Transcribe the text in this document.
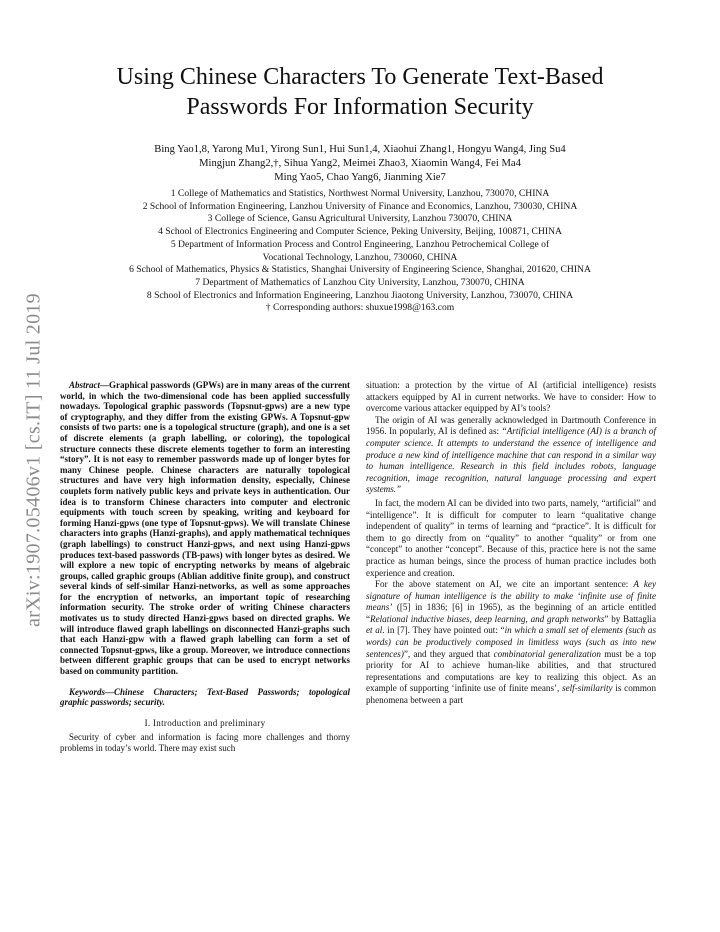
arXiv:1907.05406v1 [cs.IT] 11 Jul 2019
Using Chinese Characters To Generate Text-Based
Passwords For Information Security
Bing Yao1,8, Yarong Mu1, Yirong Sun1, Hui Sun1,4, Xiaohui Zhang1, Hongyu Wang4, Jing Su4
Mingjun Zhang2,†, Sihua Yang2, Meimei Zhao3, Xiaomin Wang4, Fei Ma4
Ming Yao5, Chao Yang6, Jianming Xie7
1 College of Mathematics and Statistics, Northwest Normal University, Lanzhou, 730070, CHINA
2 School of Information Engineering, Lanzhou University of Finance and Economics, Lanzhou, 730030, CHINA
3 College of Science, Gansu Agricultural University, Lanzhou 730070, CHINA
4 School of Electronics Engineering and Computer Science, Peking University, Beijing, 100871, CHINA
5 Department of Information Process and Control Engineering, Lanzhou Petrochemical College of
Vocational Technology, Lanzhou, 730060, CHINA
6 School of Mathematics, Physics & Statistics, Shanghai University of Engineering Science, Shanghai, 201620, CHINA
7 Department of Mathematics of Lanzhou City University, Lanzhou, 730070, CHINA
8 School of Electronics and Information Engineering, Lanzhou Jiaotong University, Lanzhou, 730070, CHINA
† Corresponding authors: shuxue1998@163.com

Abstract—Graphical passwords (GPWs) are in many areas of the current world, in which the two-dimensional code has been applied successfully nowadays. Topological graphic passwords (Topsnut-gpws) are a new type of cryptography, and they differ from the existing GPWs. A Topsnut-gpw consists of two parts: one is a topological structure (graph), and one is a set of discrete elements (a graph labelling, or coloring), the topological structure connects these discrete elements together to form an interesting “story”. It is not easy to remember passwords made up of longer bytes for many Chinese people. Chinese characters are naturally topological structures and have very high information density, especially, Chinese couplets form natively public keys and private keys in authentication. Our idea is to transform Chinese characters into computer and electronic equipments with touch screen by speaking, writing and keyboard for forming Hanzi-gpws (one type of Topsnut-gpws). We will translate Chinese characters into graphs (Hanzi-graphs), and apply mathematical techniques (graph labellings) to construct Hanzi-gpws, and next using Hanzi-gpws produces text-based passwords (TB-paws) with longer bytes as desired. We will explore a new topic of encrypting networks by means of algebraic groups, called graphic groups (Ablian additive finite group), and construct several kinds of self-similar Hanzi-networks, as well as some approaches for the encryption of networks, an important topic of researching information security. The stroke order of writing Chinese characters motivates us to study directed Hanzi-gpws based on directed graphs. We will introduce flawed graph labellings on disconnected Hanzi-graphs such that each Hanzi-gpw with a flawed graph labelling can form a set of connected Topsnut-gpws, like a group. Moreover, we introduce connections between different graphic groups that can be used to encrypt networks based on community partition.

Keywords—Chinese Characters; Text-Based Passwords; topological graphic passwords; security.

I. Introduction and preliminary

Security of cyber and information is facing more challenges and thorny problems in today’s world. There may exist such

situation: a protection by the virtue of AI (artificial intelligence) resists attackers equipped by AI in current networks. We have to consider: How to overcome various attacker equipped by AI’s tools?

The origin of AI was generally acknowledged in Dartmouth Conference in 1956. In popularly, AI is defined as: “Artificial intelligence (AI) is a branch of computer science. It attempts to understand the essence of intelligence and produce a new kind of intelligence machine that can respond in a similar way to human intelligence. Research in this field includes robots, language recognition, image recognition, natural language processing and expert systems.”

In fact, the modern AI can be divided into two parts, namely, “artificial” and “intelligence”. It is difficult for computer to learn “qualitative change independent of quality” in terms of learning and “practice”. It is difficult for them to go directly from on “quality” to another “quality” or from one “concept” to another “concept”. Because of this, practice here is not the same practice as human beings, since the process of human practice includes both experience and creation.

For the above statement on AI, we cite an important sentence: A key signature of human intelligence is the ability to make ‘infinite use of finite means’ ([5] in 1836; [6] in 1965), as the beginning of an article entitled “Relational inductive biases, deep learning, and graph networks” by Battaglia et al. in [7]. They have pointed out: “in which a small set of elements (such as words) can be productively composed in limitless ways (such as into new sentences)”, and they argued that combinatorial generalization must be a top priority for AI to achieve human-like abilities, and that structured representations and computations are key to realizing this object. As an example of supporting ‘infinite use of finite means’, self-similarity is common phenomena between a part
